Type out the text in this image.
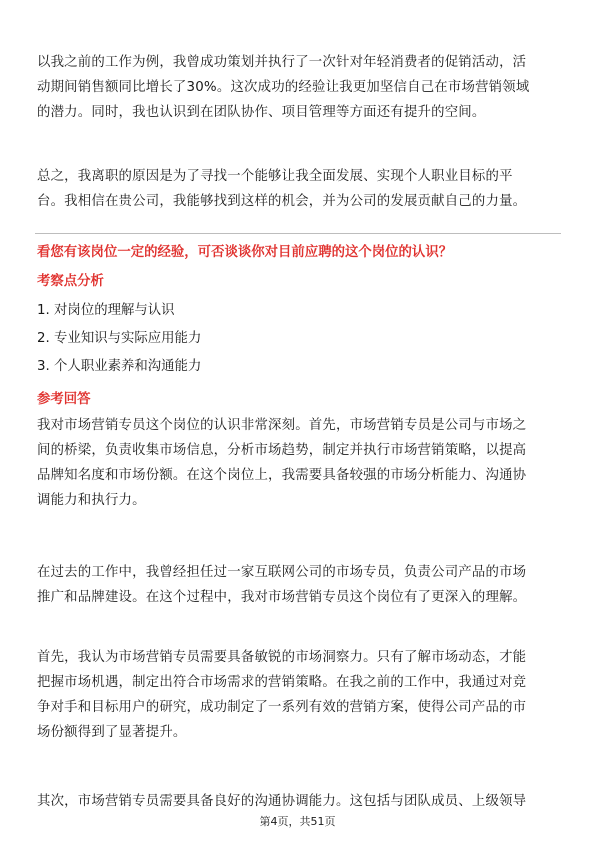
以我之前的工作为例，我曾成功策划并执行了一次针对年轻消费者的促销活动，活
动期间销售额同比增长了30%。这次成功的经验让我更加坚信自己在市场营销领域
的潜力。同时，我也认识到在团队协作、项目管理等方面还有提升的空间。
总之，我离职的原因是为了寻找一个能够让我全面发展、实现个人职业目标的平
台。我相信在贵公司，我能够找到这样的机会，并为公司的发展贡献自己的力量。

看您有该岗位一定的经验，可否谈谈你对目前应聘的这个岗位的认识？

考察点分析

1. 对岗位的理解与认识

2. 专业知识与实际应用能力

3. 个人职业素养和沟通能力

参考回答

我对市场营销专员这个岗位的认识非常深刻。首先，市场营销专员是公司与市场之
间的桥梁，负责收集市场信息，分析市场趋势，制定并执行市场营销策略，以提高
品牌知名度和市场份额。在这个岗位上，我需要具备较强的市场分析能力、沟通协
调能力和执行力。
在过去的工作中，我曾经担任过一家互联网公司的市场专员，负责公司产品的市场
推广和品牌建设。在这个过程中，我对市场营销专员这个岗位有了更深入的理解。
首先，我认为市场营销专员需要具备敏锐的市场洞察力。只有了解市场动态，才能
把握市场机遇，制定出符合市场需求的营销策略。在我之前的工作中，我通过对竞
争对手和目标用户的研究，成功制定了一系列有效的营销方案，使得公司产品的市
场份额得到了显著提升。
其次，市场营销专员需要具备良好的沟通协调能力。这包括与团队成员、上级领导
第4页，共51页
